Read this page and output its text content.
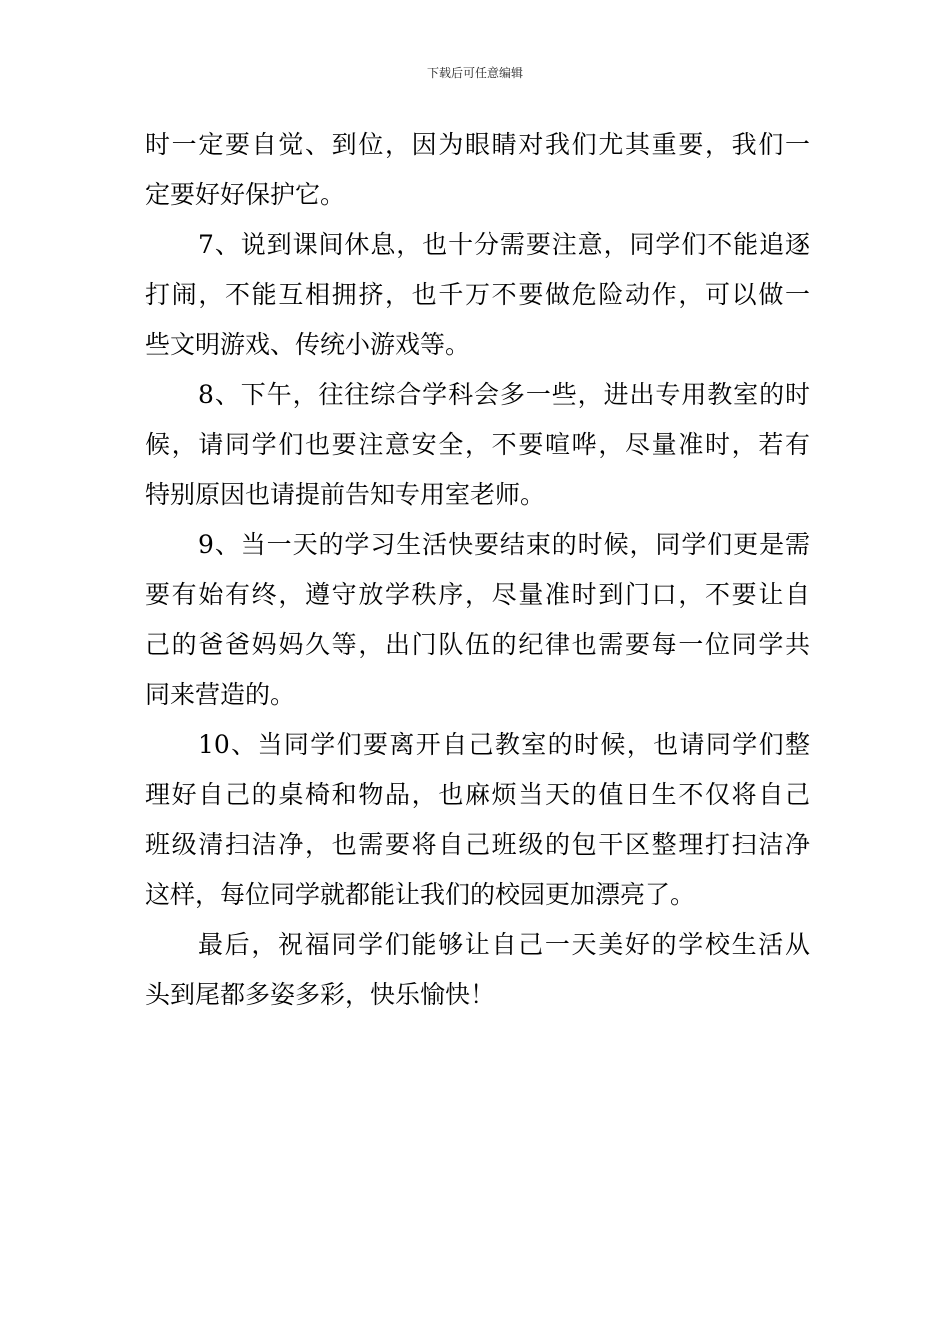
下载后可任意编辑
时一定要自觉、到位，因为眼睛对我们尤其重要，我们一
定要好好保护它。
7、说到课间休息，也十分需要注意，同学们不能追逐
打闹，不能互相拥挤，也千万不要做危险动作，可以做一
些文明游戏、传统小游戏等。
8、下午，往往综合学科会多一些，进出专用教室的时
候，请同学们也要注意安全，不要喧哗，尽量准时，若有
特别原因也请提前告知专用室老师。
9、当一天的学习生活快要结束的时候，同学们更是需
要有始有终，遵守放学秩序，尽量准时到门口，不要让自
己的爸爸妈妈久等，出门队伍的纪律也需要每一位同学共
同来营造的。
10、当同学们要离开自己教室的时候，也请同学们整
理好自己的桌椅和物品，也麻烦当天的值日生不仅将自己
班级清扫洁净，也需要将自己班级的包干区整理打扫洁净
这样，每位同学就都能让我们的校园更加漂亮了。
最后，祝福同学们能够让自己一天美好的学校生活从
头到尾都多姿多彩，快乐愉快！
